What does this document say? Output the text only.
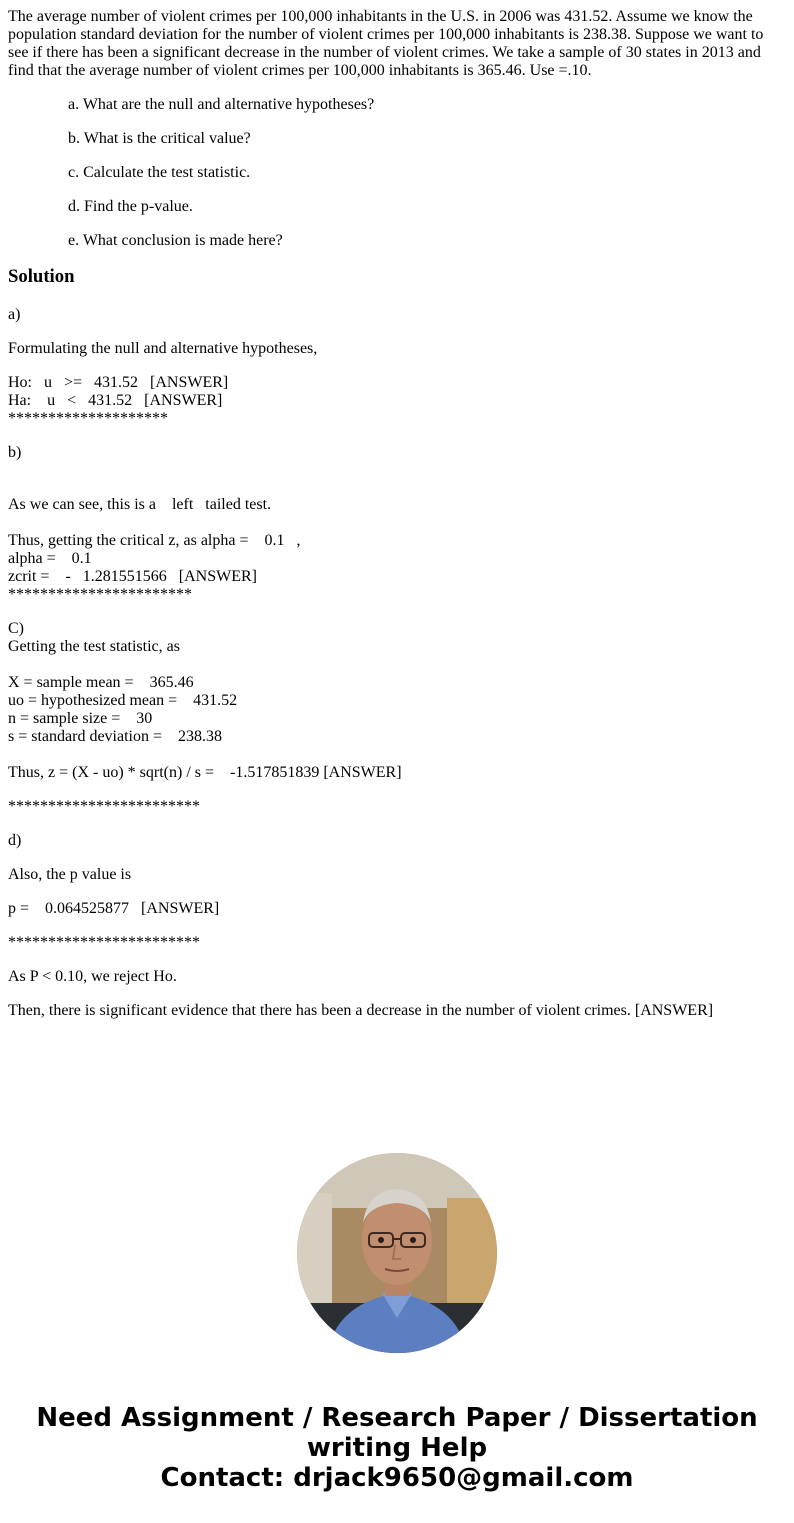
The average number of violent crimes per 100,000 inhabitants in the U.S. in 2006 was 431.52. Assume we know the population standard deviation for the number of violent crimes per 100,000 inhabitants is 238.38. Suppose we want to see if there has been a significant decrease in the number of violent crimes. We take a sample of 30 states in 2013 and find that the average number of violent crimes per 100,000 inhabitants is 365.46. Use =.10.
a. What are the null and alternative hypotheses?
b. What is the critical value?
c. Calculate the test statistic.
d. Find the p-value.
e. What conclusion is made here?
Solution

a)

Formulating the null and alternative hypotheses,

Ho:   u   >=   431.52   [ANSWER]

Ha:    u   <   431.52   [ANSWER]

********************

b)

As we can see, this is a    left   tailed test.

Thus, getting the critical z, as alpha =    0.1   ,

alpha =    0.1

zcrit =    -   1.281551566   [ANSWER]

***********************

C)

Getting the test statistic, as

X = sample mean =    365.46

uo = hypothesized mean =    431.52

n = sample size =    30

s = standard deviation =    238.38

Thus, z = (X - uo) * sqrt(n) / s =    -1.517851839 [ANSWER]

************************

d)

Also, the p value is

p =    0.064525877   [ANSWER]

************************

As P < 0.10, we reject Ho.

Then, there is significant evidence that there has been a decrease in the number of violent crimes. [ANSWER]

Need Assignment / Research Paper / Dissertation
writing Help
Contact: drjack9650@gmail.com
